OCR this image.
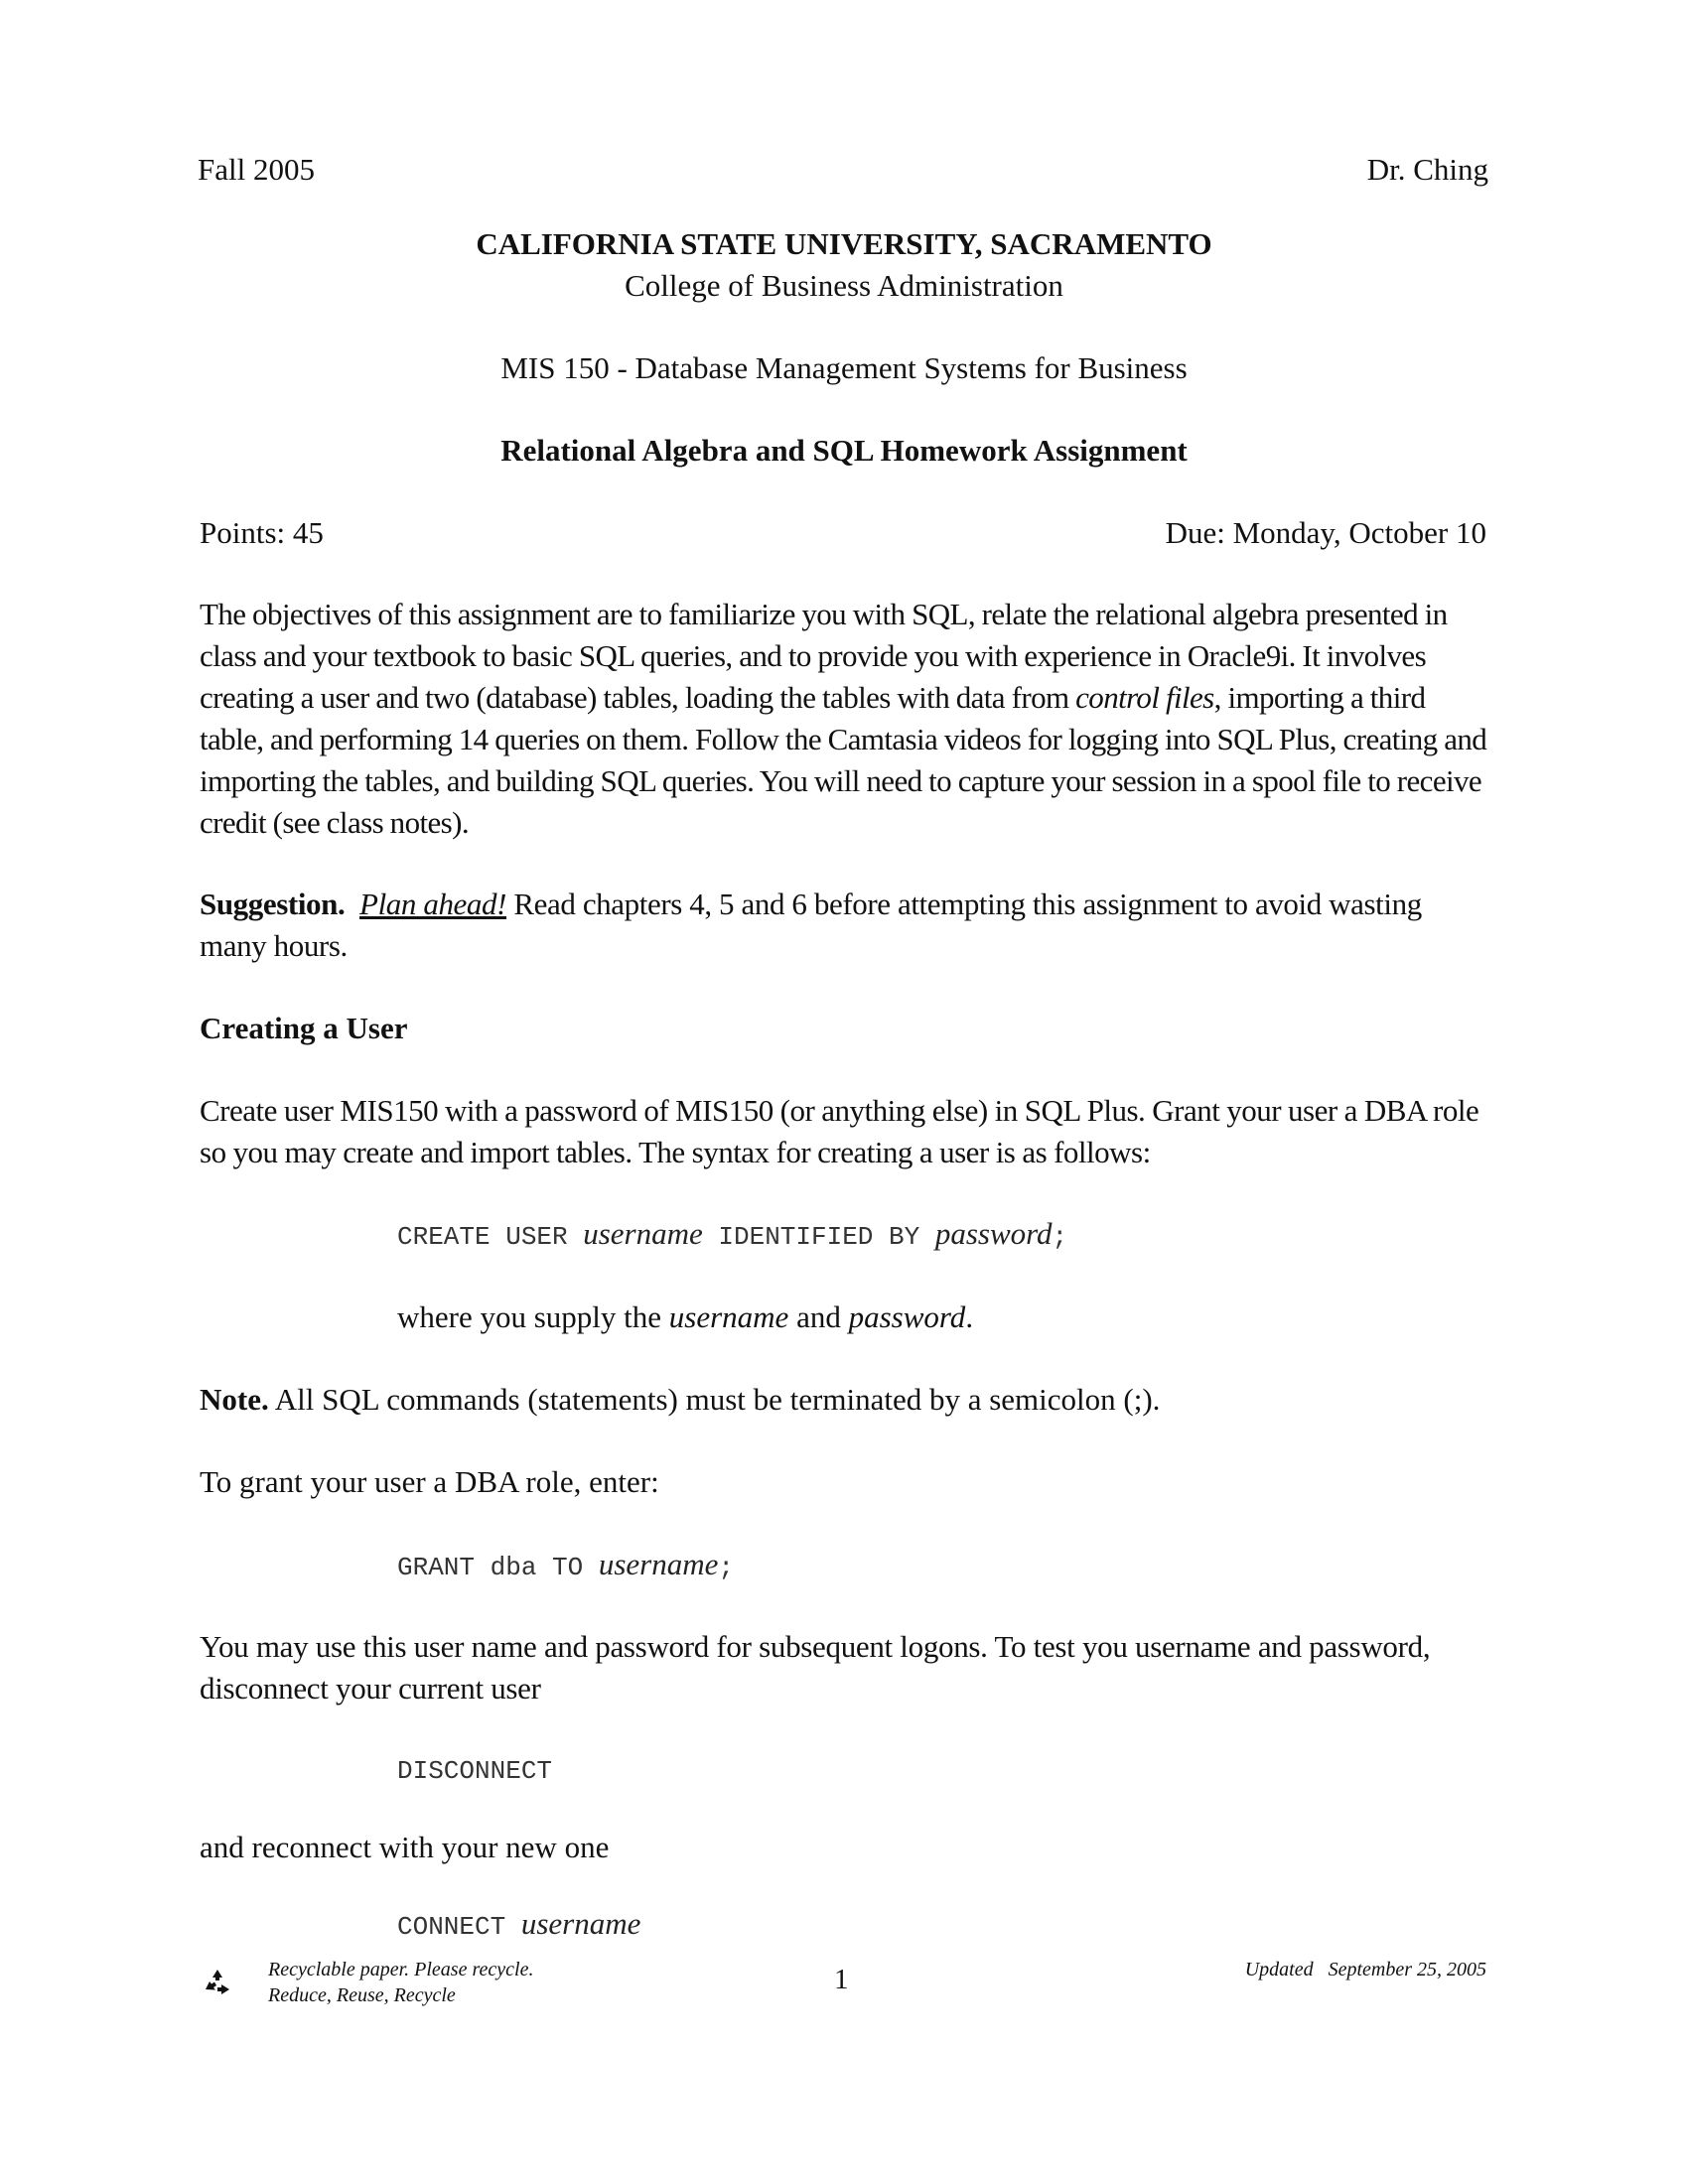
Fall 2005	Dr. Ching
CALIFORNIA STATE UNIVERSITY, SACRAMENTO
College of Business Administration
MIS 150 - Database Management Systems for Business
Relational Algebra and SQL Homework Assignment
Points: 45	Due: Monday, October 10
The objectives of this assignment are to familiarize you with SQL, relate the relational algebra presented in class and your textbook to basic SQL queries, and to provide you with experience in Oracle9i. It involves creating a user and two (database) tables, loading the tables with data from control files, importing a third table, and performing 14 queries on them. Follow the Camtasia videos for logging into SQL Plus, creating and importing the tables, and building SQL queries. You will need to capture your session in a spool file to receive credit (see class notes).
Suggestion. Plan ahead! Read chapters 4, 5 and 6 before attempting this assignment to avoid wasting many hours.
Creating a User
Create user MIS150 with a password of MIS150 (or anything else) in SQL Plus. Grant your user a DBA role so you may create and import tables. The syntax for creating a user is as follows:
CREATE USER username IDENTIFIED BY password;
where you supply the username and password.
Note. All SQL commands (statements) must be terminated by a semicolon (;).
To grant your user a DBA role, enter:
GRANT dba TO username;
You may use this user name and password for subsequent logons. To test you username and password, disconnect your current user
DISCONNECT
and reconnect with your new one
CONNECT username
Recyclable paper. Please recycle.
Reduce, Reuse, Recycle	1	Updated September 25, 2005
